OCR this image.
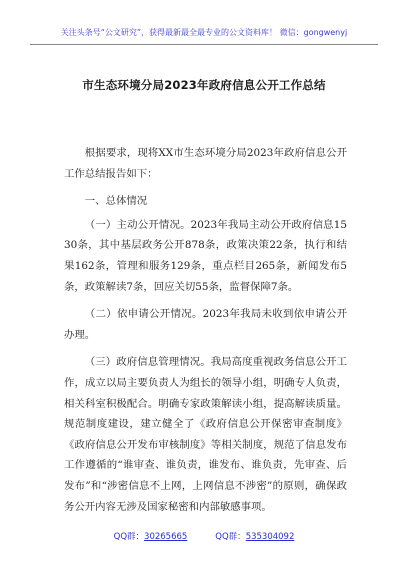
关注头条号“公文研究”，获得最新最全最专业的公文资料库！ 微信：gongwenyj
市生态环境分局2023年政府信息公开工作总结

根据要求，现将XX市生态环境分局2023年政府信息公开工作总结报告如下：

一、总体情况

（一）主动公开情况。2023年我局主动公开政府信息1530条，其中基层政务公开878条，政策决策22条，执行和结果162条，管理和服务129条，重点栏目265条，新闻发布5条，政策解读7条，回应关切55条，监督保障7条。

（二）依申请公开情况。2023年我局未收到依申请公开办理。

（三）政府信息管理情况。我局高度重视政务信息公开工作，成立以局主要负责人为组长的领导小组，明确专人负责，相关科室积极配合。明确专家政策解读小组，提高解读质量。规范制度建设，建立健全了《政府信息公开保密审查制度》《政府信息公开发布审核制度》等相关制度，规范了信息发布工作遵循的“谁审查、谁负责，谁发布、谁负责，先审查、后发布”和“涉密信息不上网，上网信息不涉密”的原则，确保政务公开内容无涉及国家秘密和内部敏感事项。

QQ群：30265665	QQ群：535304092
